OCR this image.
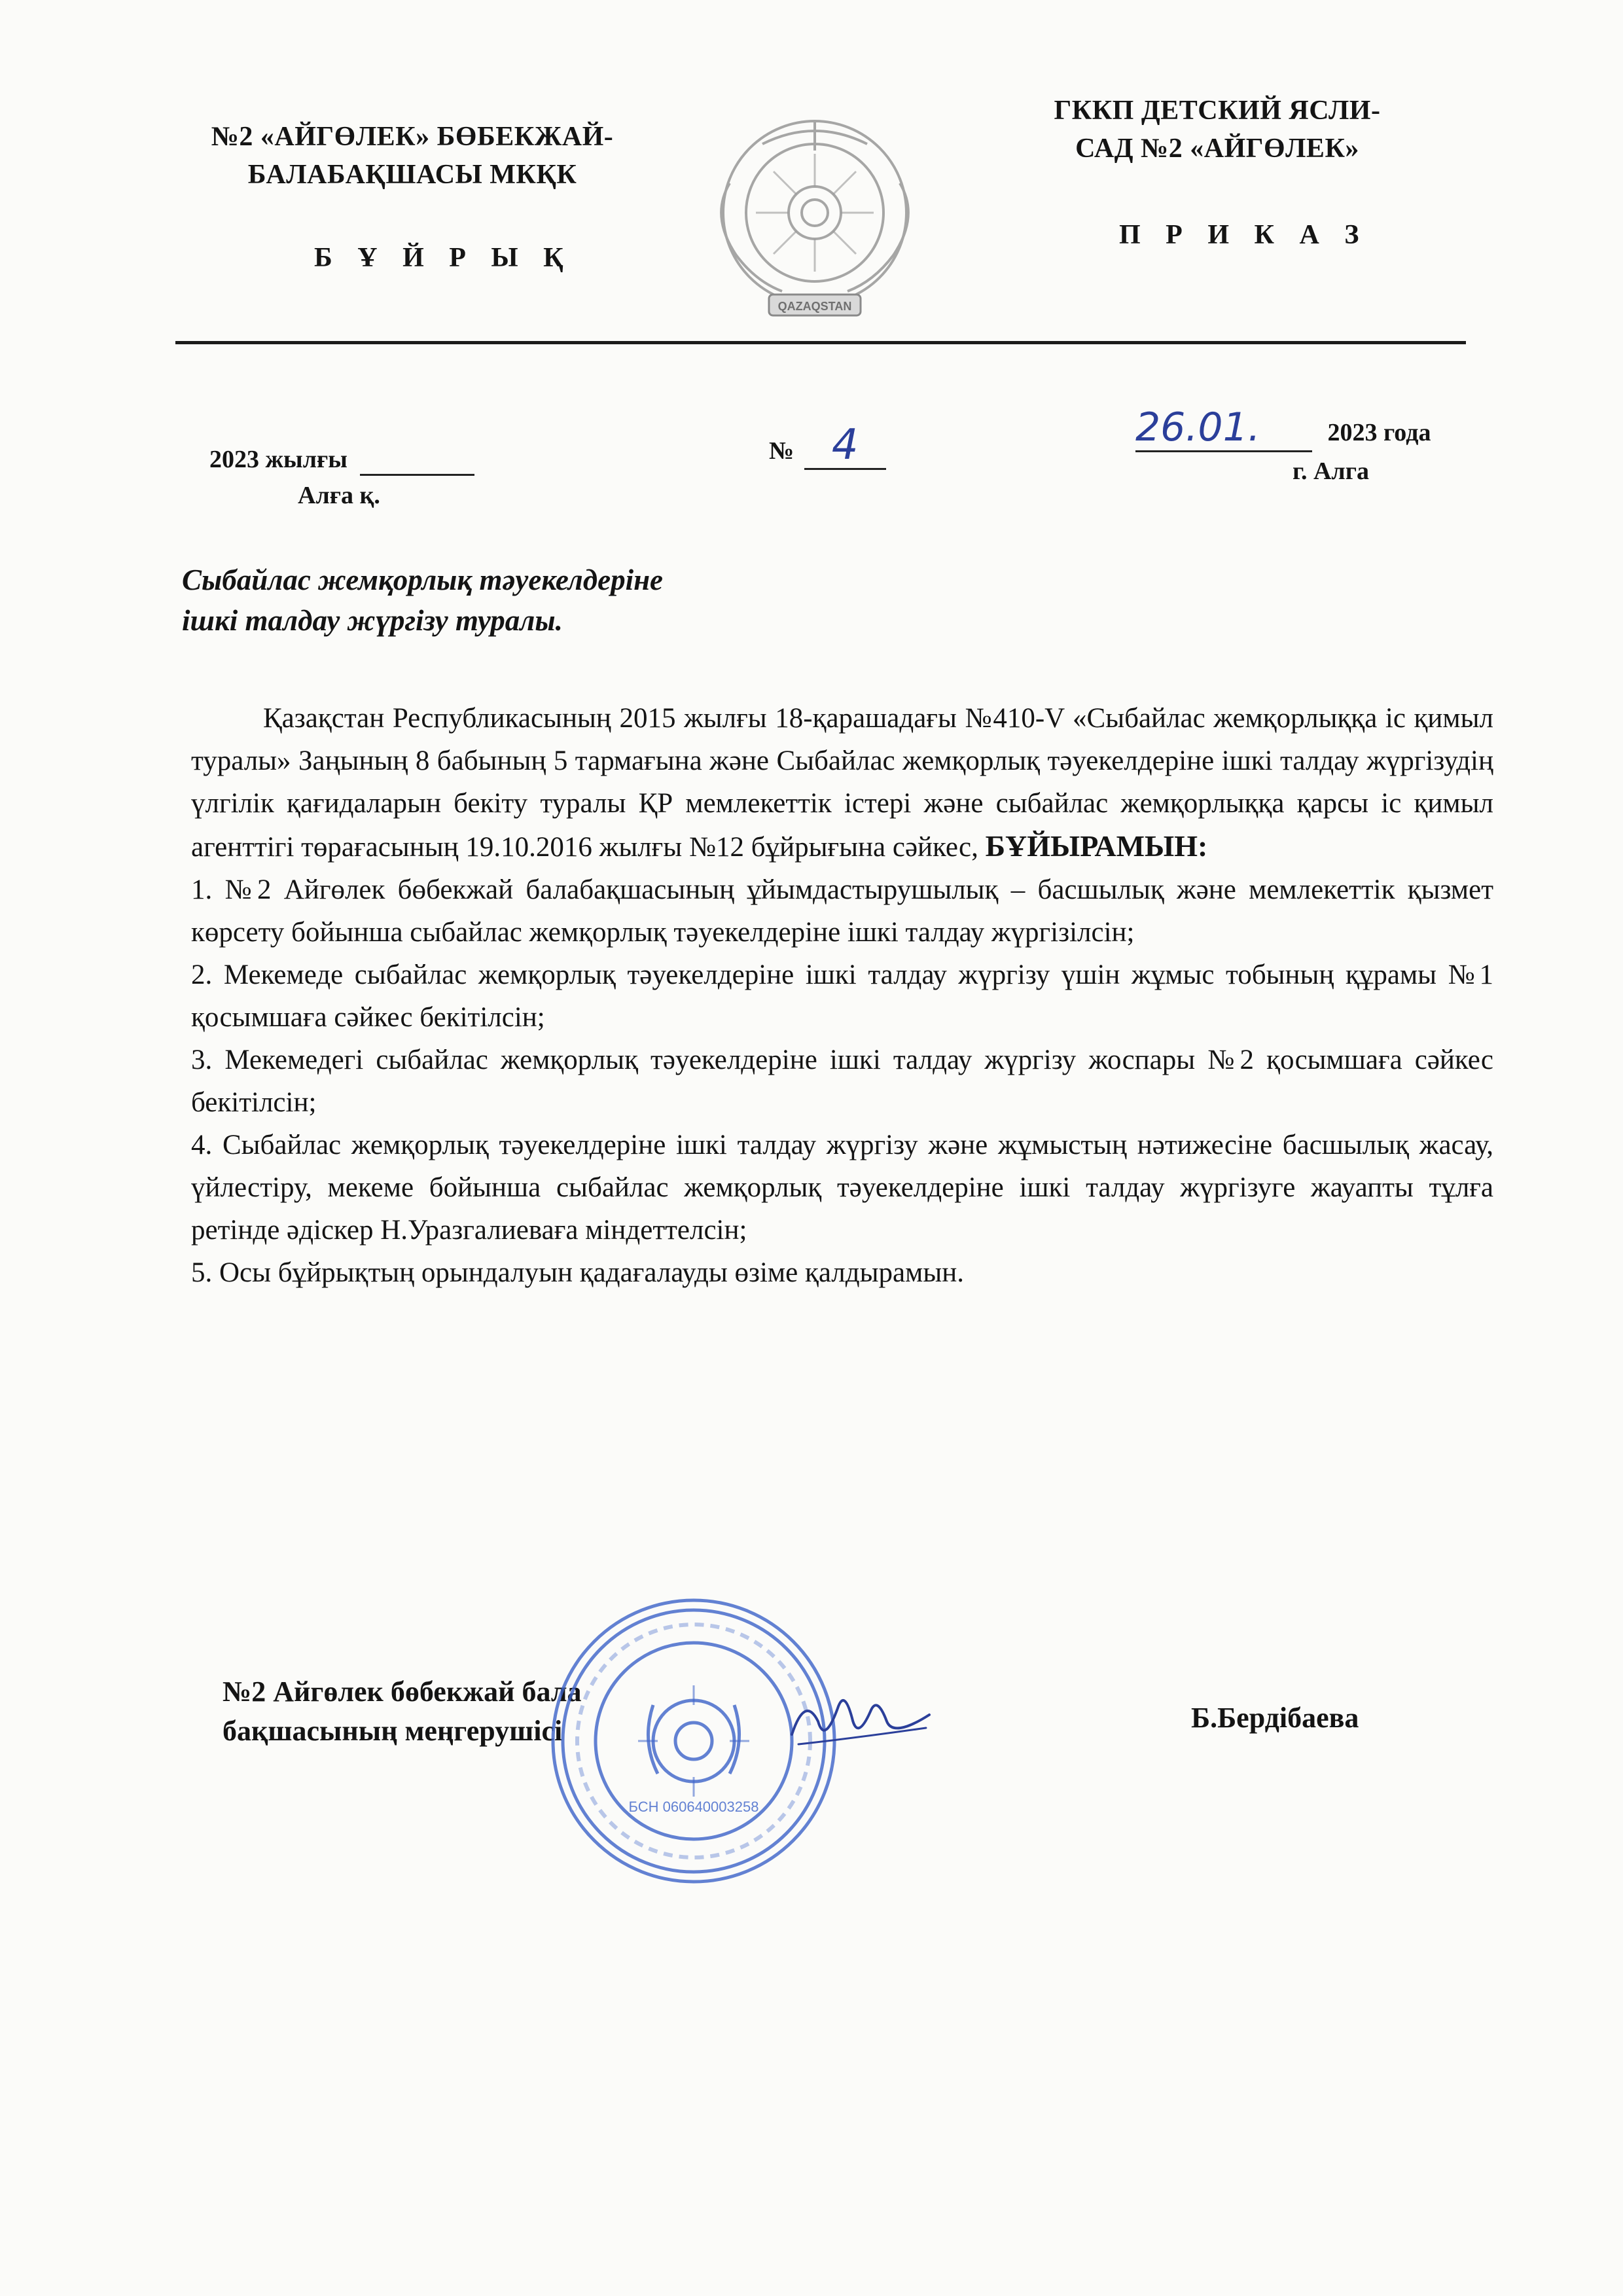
№2 «АЙГӨЛЕК» БӨБЕКЖАЙ-
БАЛАБАҚШАСЫ МКҚК
Б Ұ Й Р Ы Қ
QAZAQSTAN
ГККП ДЕТСКИЙ ЯСЛИ-
САД №2 «АЙГӨЛЕК»
П Р И К А З
2023 жылғы
Алға қ.
№ 4	26.01.	2023 года
г. Алга
Сыбайлас жемқорлық тәуекелдеріне
ішкі талдау жүргізу туралы.

Қазақстан Республикасының 2015 жылғы 18-қарашадағы №410-V «Сыбайлас жемқорлыққа іс қимыл туралы» Заңының 8 бабының 5 тармағына және Сыбайлас жемқорлық тәуекелдеріне ішкі талдау жүргізудің үлгілік қағидаларын бекіту туралы ҚР мемлекеттік істері және сыбайлас жемқорлыққа қарсы іс қимыл агенттігі төрағасының 19.10.2016 жылғы №12 бұйрығына сәйкес, БҰЙЫРАМЫН:

1. №2 Айгөлек бөбекжай балабақшасының ұйымдастырушылық – басшылық және мемлекеттік қызмет көрсету бойынша сыбайлас жемқорлық тәуекелдеріне ішкі талдау жүргізілсін;
2. Мекемеде сыбайлас жемқорлық тәуекелдеріне ішкі талдау жүргізу үшін жұмыс тобының құрамы №1 қосымшаға сәйкес бекітілсін;
3. Мекемедегі сыбайлас жемқорлық тәуекелдеріне ішкі талдау жүргізу жоспары №2 қосымшаға сәйкес бекітілсін;
4. Сыбайлас жемқорлық тәуекелдеріне ішкі талдау жүргізу және жұмыстың нәтижесіне басшылық жасау, үйлестіру, мекеме бойынша сыбайлас жемқорлық тәуекелдеріне ішкі талдау жүргізуге жауапты тұлға ретінде әдіскер Н.Уразгалиеваға міндеттелсін;
5. Осы бұйрықтың орындалуын қадағалауды өзіме қалдырамын.
№2 Айгөлек бөбекжай бала
бақшасының меңгерушісі	Б.Бердібаева
БСН 060640003258
